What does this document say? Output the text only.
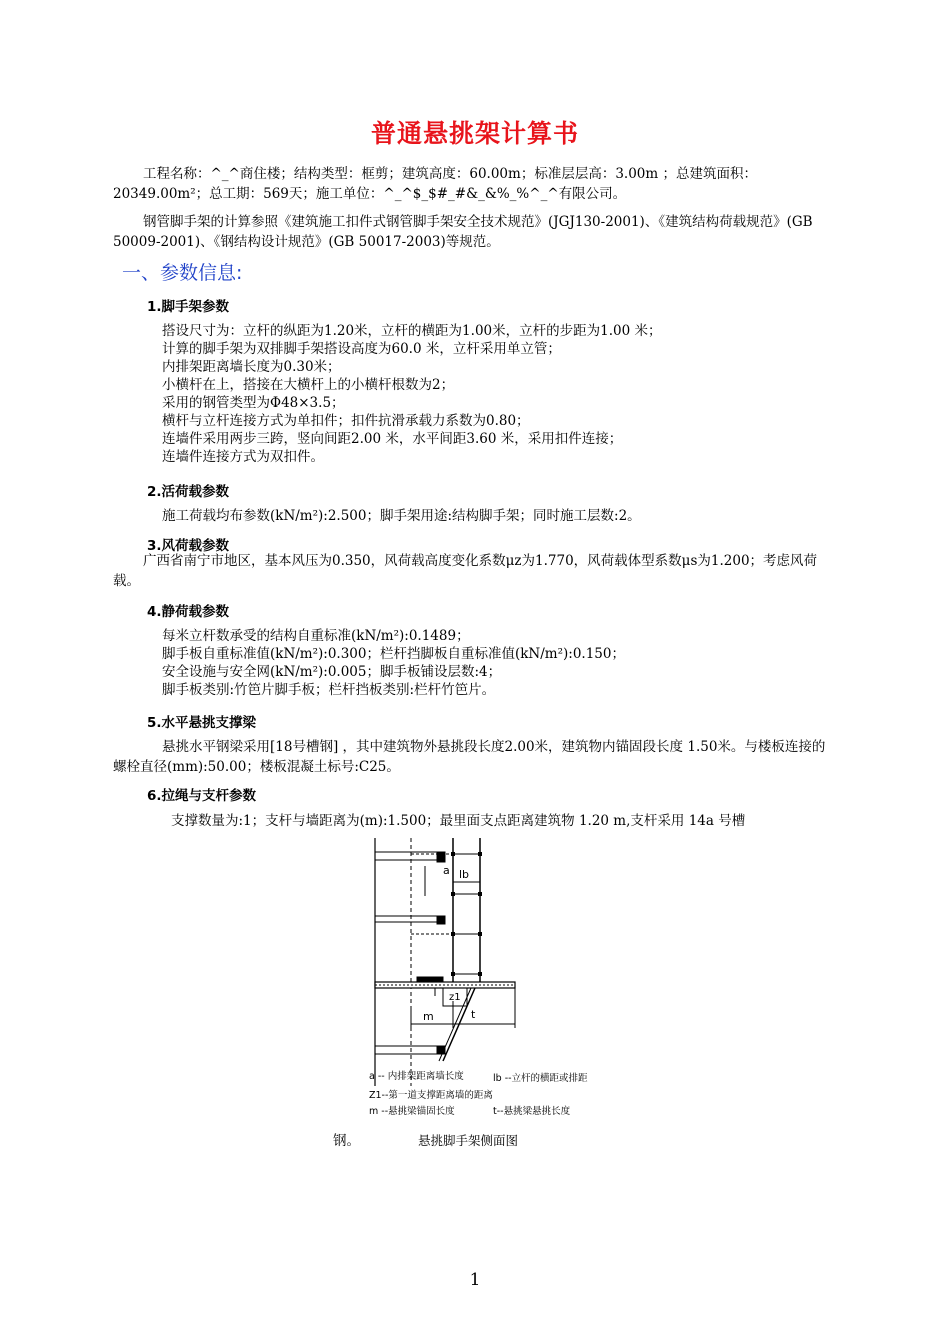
普通悬挑架计算书
工程名称：^_^商住楼；结构类型：框剪；建筑高度：60.00m；标准层层高：3.00m ；总建筑面积：20349.00m²；总工期：569天；施工单位：^_^$_$#_#&_&%_%^_^有限公司。
钢管脚手架的计算参照《建筑施工扣件式钢管脚手架安全技术规范》(JGJ130-2001)、《建筑结构荷载规范》(GB 50009-2001)、《钢结构设计规范》(GB 50017-2003)等规范。
一、参数信息:
1.脚手架参数
搭设尺寸为：立杆的纵距为1.20米，立杆的横距为1.00米，立杆的步距为1.00 米；
计算的脚手架为双排脚手架搭设高度为60.0 米，立杆采用单立管；
内排架距离墙长度为0.30米；
小横杆在上，搭接在大横杆上的小横杆根数为2；
采用的钢管类型为Φ48×3.5；
横杆与立杆连接方式为单扣件；扣件抗滑承载力系数为0.80；
连墙件采用两步三跨，竖向间距2.00 米，水平间距3.60 米，采用扣件连接；
连墙件连接方式为双扣件。
2.活荷载参数
施工荷载均布参数(kN/m²):2.500；脚手架用途:结构脚手架；同时施工层数:2。
3.风荷载参数
广西省南宁市地区，基本风压为0.350，风荷载高度变化系数μz为1.770，风荷载体型系数μs为1.200；考虑风荷载。
4.静荷载参数
每米立杆数承受的结构自重标准(kN/m²):0.1489；
脚手板自重标准值(kN/m²):0.300；栏杆挡脚板自重标准值(kN/m²):0.150；
安全设施与安全网(kN/m²):0.005；脚手板铺设层数:4；
脚手板类别:竹笆片脚手板；栏杆挡板类别:栏杆竹笆片。
5.水平悬挑支撑梁
悬挑水平钢梁采用[18号槽钢] ，其中建筑物外悬挑段长度2.00米，建筑物内锚固段长度 1.50米。与楼板连接的螺栓直径(mm):50.00；楼板混凝土标号:C25。
6.拉绳与支杆参数
支撑数量为:1；支杆与墙距离为(m):1.500；最里面支点距离建筑物 1.20 m,支杆采用 14a 号槽
a lb
z1
m	t
a -- 内排架距离墙长度	lb --立杆的横距或排距
Z1--第一道支撑距离墙的距离
m --悬挑梁锚固长度	t--悬挑梁悬挑长度
钢。	悬挑脚手架侧面图
1
